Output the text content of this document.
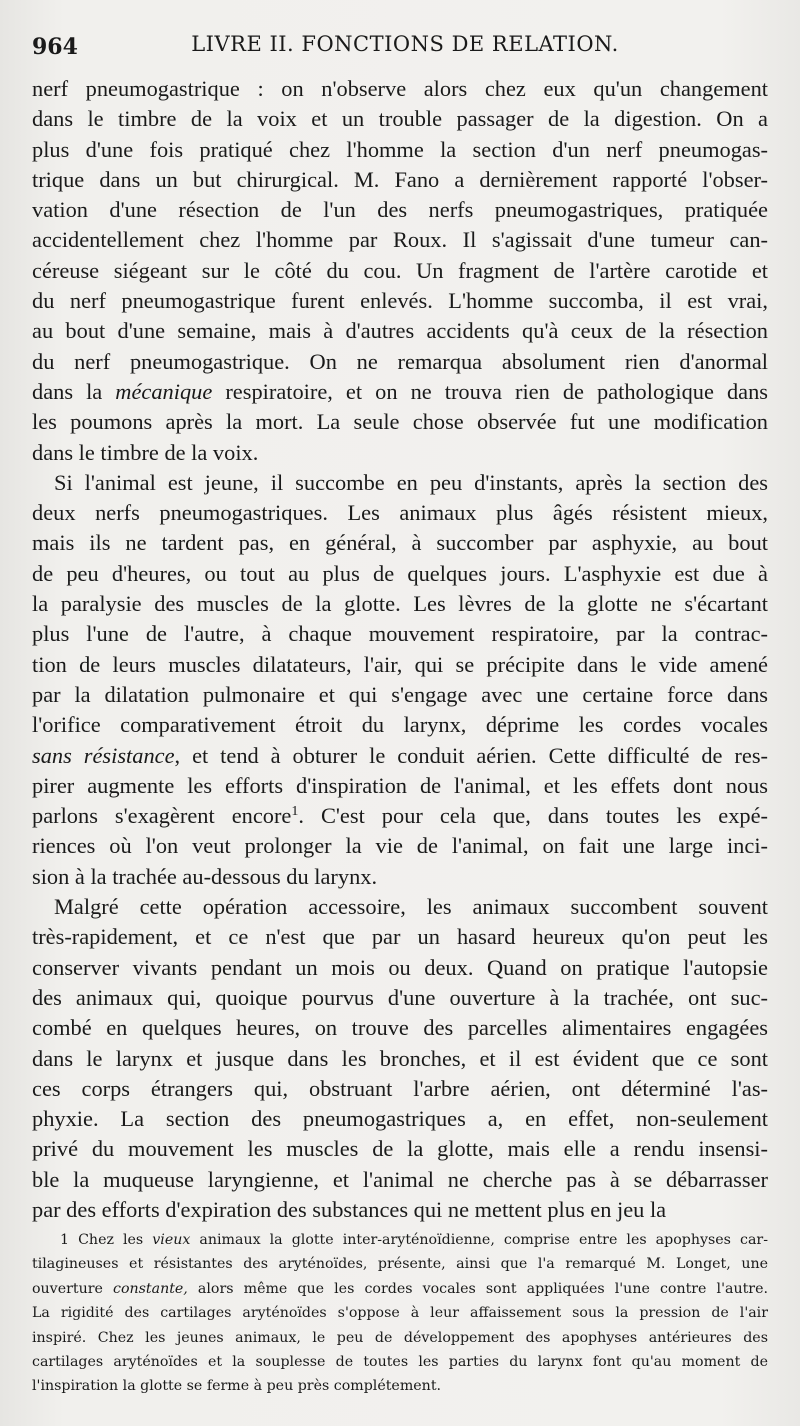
964	LIVRE II. FONCTIONS DE RELATION.
nerf pneumogastrique : on n'observe alors chez eux qu'un changement
dans le timbre de la voix et un trouble passager de la digestion. On a
plus d'une fois pratiqué chez l'homme la section d'un nerf pneumogas-
trique dans un but chirurgical. M. Fano a dernièrement rapporté l'obser-
vation d'une résection de l'un des nerfs pneumogastriques, pratiquée
accidentellement chez l'homme par Roux. Il s'agissait d'une tumeur can-
céreuse siégeant sur le côté du cou. Un fragment de l'artère carotide et
du nerf pneumogastrique furent enlevés. L'homme succomba, il est vrai,
au bout d'une semaine, mais à d'autres accidents qu'à ceux de la résection
du nerf pneumogastrique. On ne remarqua absolument rien d'anormal
dans la mécanique respiratoire, et on ne trouva rien de pathologique dans
les poumons après la mort. La seule chose observée fut une modification
dans le timbre de la voix.
Si l'animal est jeune, il succombe en peu d'instants, après la section des
deux nerfs pneumogastriques. Les animaux plus âgés résistent mieux,
mais ils ne tardent pas, en général, à succomber par asphyxie, au bout
de peu d'heures, ou tout au plus de quelques jours. L'asphyxie est due à
la paralysie des muscles de la glotte. Les lèvres de la glotte ne s'écartant
plus l'une de l'autre, à chaque mouvement respiratoire, par la contrac-
tion de leurs muscles dilatateurs, l'air, qui se précipite dans le vide amené
par la dilatation pulmonaire et qui s'engage avec une certaine force dans
l'orifice comparativement étroit du larynx, déprime les cordes vocales
sans résistance, et tend à obturer le conduit aérien. Cette difficulté de res-
pirer augmente les efforts d'inspiration de l'animal, et les effets dont nous
parlons s'exagèrent encore$^1$. C'est pour cela que, dans toutes les expé-
riences où l'on veut prolonger la vie de l'animal, on fait une large inci-
sion à la trachée au-dessous du larynx.
Malgré cette opération accessoire, les animaux succombent souvent
très-rapidement, et ce n'est que par un hasard heureux qu'on peut les
conserver vivants pendant un mois ou deux. Quand on pratique l'autopsie
des animaux qui, quoique pourvus d'une ouverture à la trachée, ont suc-
combé en quelques heures, on trouve des parcelles alimentaires engagées
dans le larynx et jusque dans les bronches, et il est évident que ce sont
ces corps étrangers qui, obstruant l'arbre aérien, ont déterminé l'as-
phyxie. La section des pneumogastriques a, en effet, non-seulement
privé du mouvement les muscles de la glotte, mais elle a rendu insensi-
ble la muqueuse laryngienne, et l'animal ne cherche pas à se débarrasser
par des efforts d'expiration des substances qui ne mettent plus en jeu la
1 Chez les vieux animaux la glotte inter-aryténoïdienne, comprise entre les apophyses car-
tilagineuses et résistantes des aryténoïdes, présente, ainsi que l'a remarqué M. Longet, une
ouverture constante, alors même que les cordes vocales sont appliquées l'une contre l'autre.
La rigidité des cartilages aryténoïdes s'oppose à leur affaissement sous la pression de l'air
inspiré. Chez les jeunes animaux, le peu de développement des apophyses antérieures des
cartilages aryténoïdes et la souplesse de toutes les parties du larynx font qu'au moment de
l'inspiration la glotte se ferme à peu près complétement.
